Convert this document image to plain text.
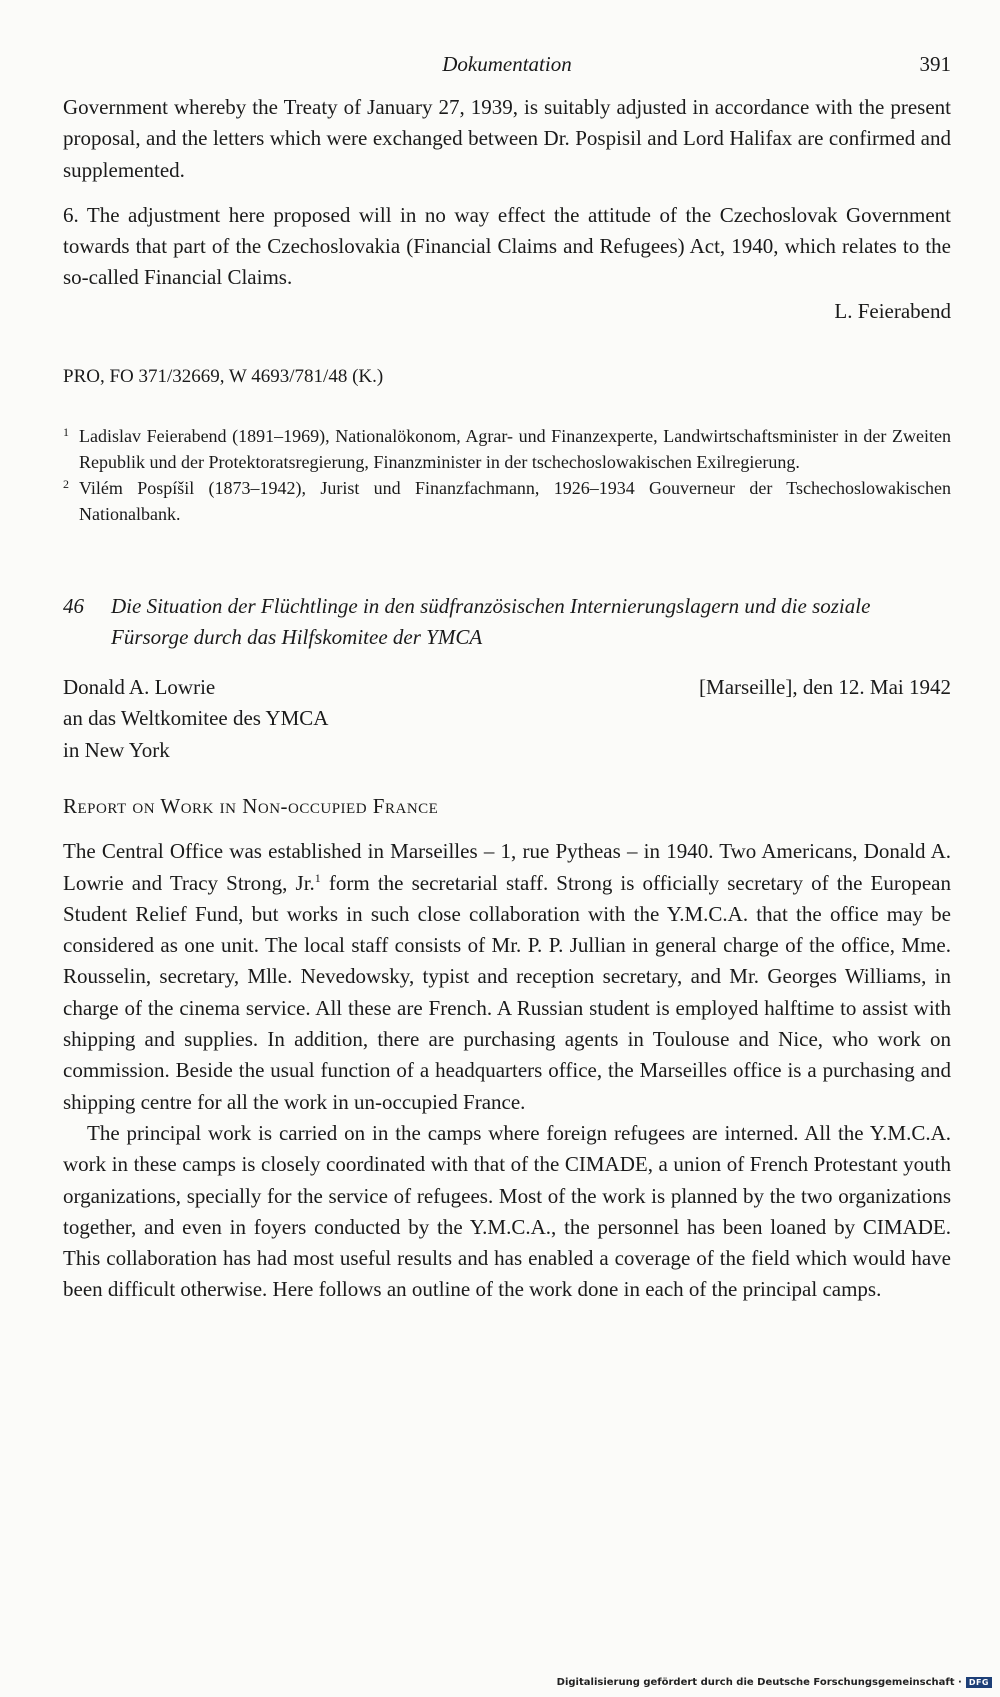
Dokumentation	391

Government whereby the Treaty of January 27, 1939, is suitably adjusted in accordance with the present proposal, and the letters which were exchanged between Dr. Pospisil and Lord Halifax are confirmed and supplemented.

6. The adjustment here proposed will in no way effect the attitude of the Czechoslovak Government towards that part of the Czechoslovakia (Financial Claims and Refugees) Act, 1940, which relates to the so-called Financial Claims.

L. Feierabend
PRO, FO 371/32669, W 4693/781/48 (K.)
1 Ladislav Feierabend (1891–1969), Nationalökonom, Agrar- und Finanzexperte, Landwirtschaftsminister in der Zweiten Republik und der Protektoratsregierung, Finanzminister in der tschechoslowakischen Exilregierung.
2 Vilém Pospíšil (1873–1942), Jurist und Finanzfachmann, 1926–1934 Gouverneur der Tschechoslowakischen Nationalbank.
46	Die Situation der Flüchtlinge in den südfranzösischen Internierungslagern und die soziale Fürsorge durch das Hilfskomitee der YMCA
Donald A. Lowrie
an das Weltkomitee des YMCA
in New York
[Marseille], den 12. Mai 1942
Report on Work in Non-occupied France

The Central Office was established in Marseilles – 1, rue Pytheas – in 1940. Two Americans, Donald A. Lowrie and Tracy Strong, Jr.$^1$ form the secretarial staff. Strong is officially secretary of the European Student Relief Fund, but works in such close collaboration with the Y.M.C.A. that the office may be considered as one unit. The local staff consists of Mr. P. P. Jullian in general charge of the office, Mme. Rousselin, secretary, Mlle. Nevedowsky, typist and reception secretary, and Mr. Georges Williams, in charge of the cinema service. All these are French. A Russian student is employed halftime to assist with shipping and supplies. In addition, there are purchasing agents in Toulouse and Nice, who work on commission. Beside the usual function of a headquarters office, the Marseilles office is a purchasing and shipping centre for all the work in un-occupied France.

The principal work is carried on in the camps where foreign refugees are interned. All the Y.M.C.A. work in these camps is closely coordinated with that of the CIMADE, a union of French Protestant youth organizations, specially for the service of refugees. Most of the work is planned by the two organizations together, and even in foyers conducted by the Y.M.C.A., the personnel has been loaned by CIMADE. This collaboration has had most useful results and has enabled a coverage of the field which would have been difficult otherwise. Here follows an outline of the work done in each of the principal camps.

Digitalisierung gefördert durch die Deutsche Forschungsgemeinschaft · DFG
